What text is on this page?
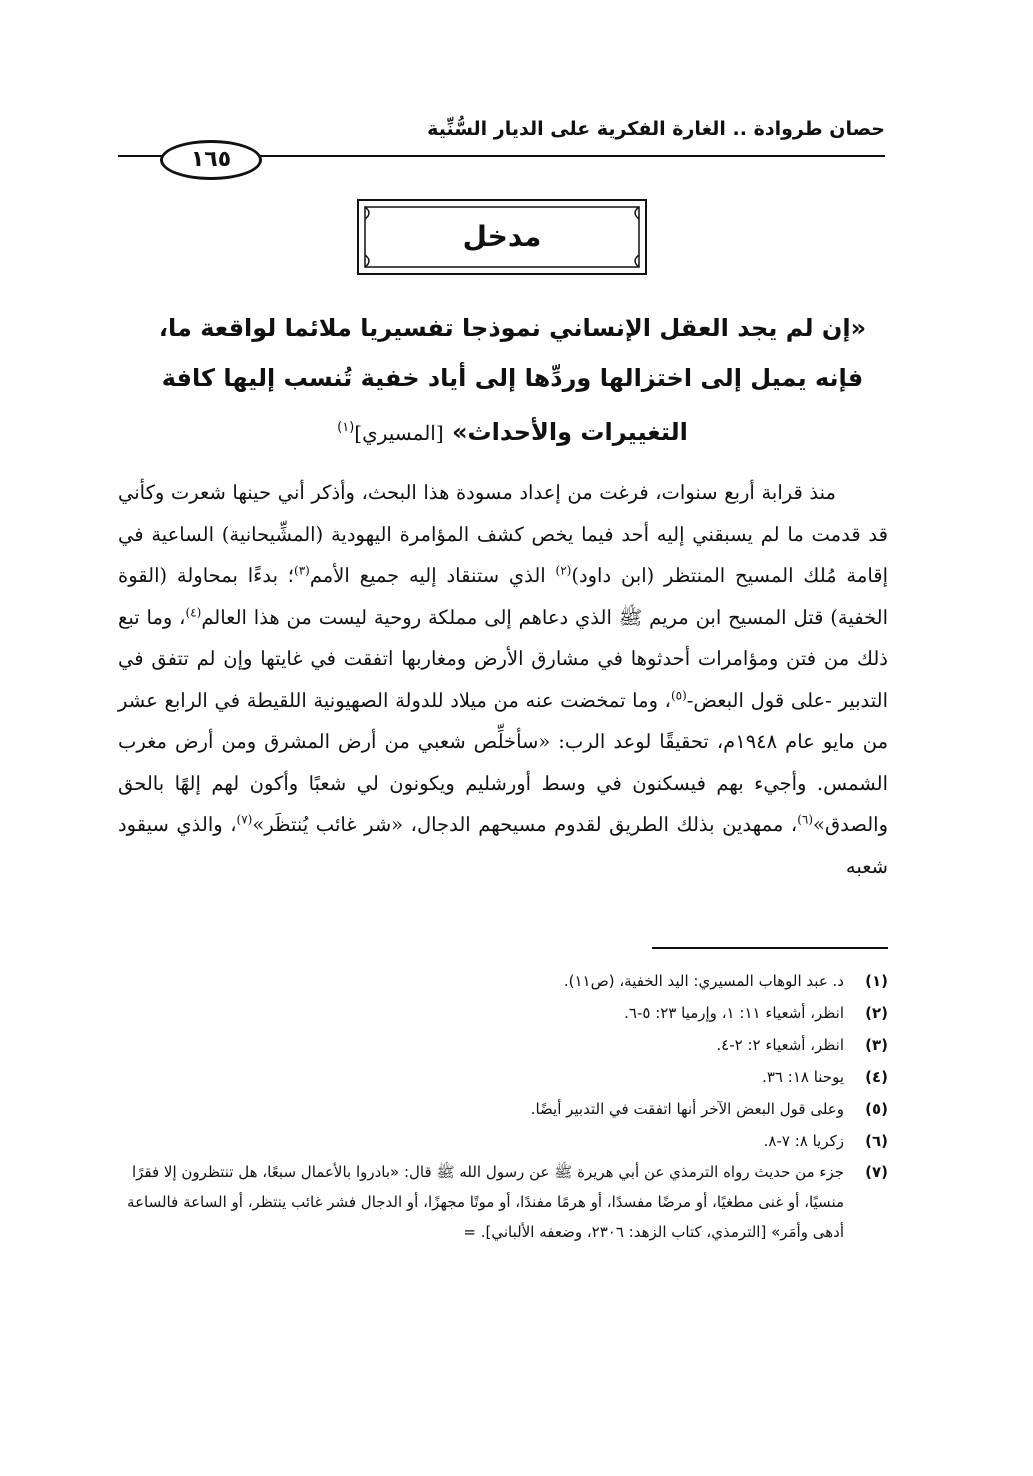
حصان طروادة .. الغارة الفكرية على الديار السُّنِّية
١٦٥
مدخل
«إن لم يجد العقل الإنساني نموذجا تفسيريا ملائما لواقعة ما، فإنه يميل إلى اختزالها وردِّها إلى أياد خفية تُنسب إليها كافة التغييرات والأحداث» [المسيري]$^{(١)}$

منذ قرابة أربع سنوات، فرغت من إعداد مسودة هذا البحث، وأذكر أني حينها شعرت وكأني قد قدمت ما لم يسبقني إليه أحد فيما يخص كشف المؤامرة اليهودية (المشِّيحانية) الساعية في إقامة مُلك المسيح المنتظر (ابن داود)$^{(٢)}$ الذي ستنقاد إليه جميع الأمم$^{(٣)}$؛ بدءًا بمحاولة (القوة الخفية) قتل المسيح ابن مريم ﷺ الذي دعاهم إلى مملكة روحية ليست من هذا العالم$^{(٤)}$، وما تبع ذلك من فتن ومؤامرات أحدثوها في مشارق الأرض ومغاربها اتفقت في غايتها وإن لم تتفق في التدبير -على قول البعض-$^{(٥)}$، وما تمخضت عنه من ميلاد للدولة الصهيونية اللقيطة في الرابع عشر من مايو عام ١٩٤٨م، تحقيقًا لوعد الرب: «سأخلِّص شعبي من أرض المشرق ومن أرض مغرب الشمس. وأجيء بهم فيسكنون في وسط أورشليم ويكونون لي شعبًا وأكون لهم إلهًا بالحق والصدق»$^{(٦)}$، ممهدين بذلك الطريق لقدوم مسيحهم الدجال، «شر غائب يُنتظَر»$^{(٧)}$، والذي سيقود شعبه

(١)
د. عبد الوهاب المسيري: اليد الخفية، (ص١١).
(٢)
انظر، أشعياء ١١: ١، وإرميا ٢٣: ٥-٦.
(٣)
انظر، أشعياء ٢: ٢-٤.
(٤)
يوحنا ١٨: ٣٦.
(٥)
وعلى قول البعض الآخر أنها اتفقت في التدبير أيضًا.
(٦)
زكريا ٨: ٧-٨.
(٧)
جزء من حديث رواه الترمذي عن أبي هريرة ﷺ عن رسول الله ﷺ قال: «بادروا بالأعمال سبعًا، هل تنتظرون إلا فقرًا منسيًا، أو غنى مطغيًا، أو مرضًا مفسدًا، أو هرمًا مفندًا، أو موتًا مجهزًا، أو الدجال فشر غائب ينتظر، أو الساعة فالساعة أدهى وأمَر» [الترمذي، كتاب الزهد: ٢٣٠٦، وضعفه الألباني]. =
